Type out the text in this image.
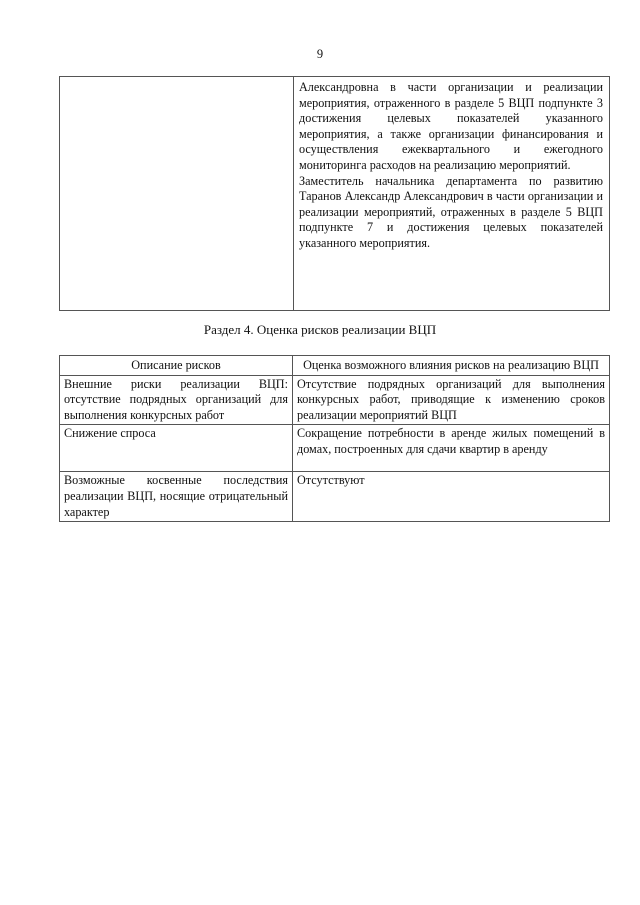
9

Александровна в части организации и реализации мероприятия, отраженного в разделе 5 ВЦП подпункте 3 достижения целевых показателей указанного мероприятия, а также организации финансирования и осуществления ежеквартального и ежегодного мониторинга расходов на реализацию мероприятий.

Заместитель начальника департамента по развитию Таранов Александр Александрович в части организации и реализации мероприятий, отраженных в разделе 5 ВЦП подпункте 7 и достижения целевых показателей указанного мероприятия.

Раздел 4. Оценка рисков реализации ВЦП
Описание рисков	Оценка возможного влияния рисков на реализацию ВЦП
Внешние риски реализации ВЦП: отсутствие подрядных организаций для выполнения конкурсных работ	Отсутствие подрядных организаций для выполнения конкурсных работ, приводящие к изменению сроков реализации мероприятий ВЦП
Снижение спроса	Сокращение потребности в аренде жилых помещений в домах, построенных для сдачи квартир в аренду
Возможные косвенные последствия реализации ВЦП, носящие отрицательный характер	Отсутствуют
